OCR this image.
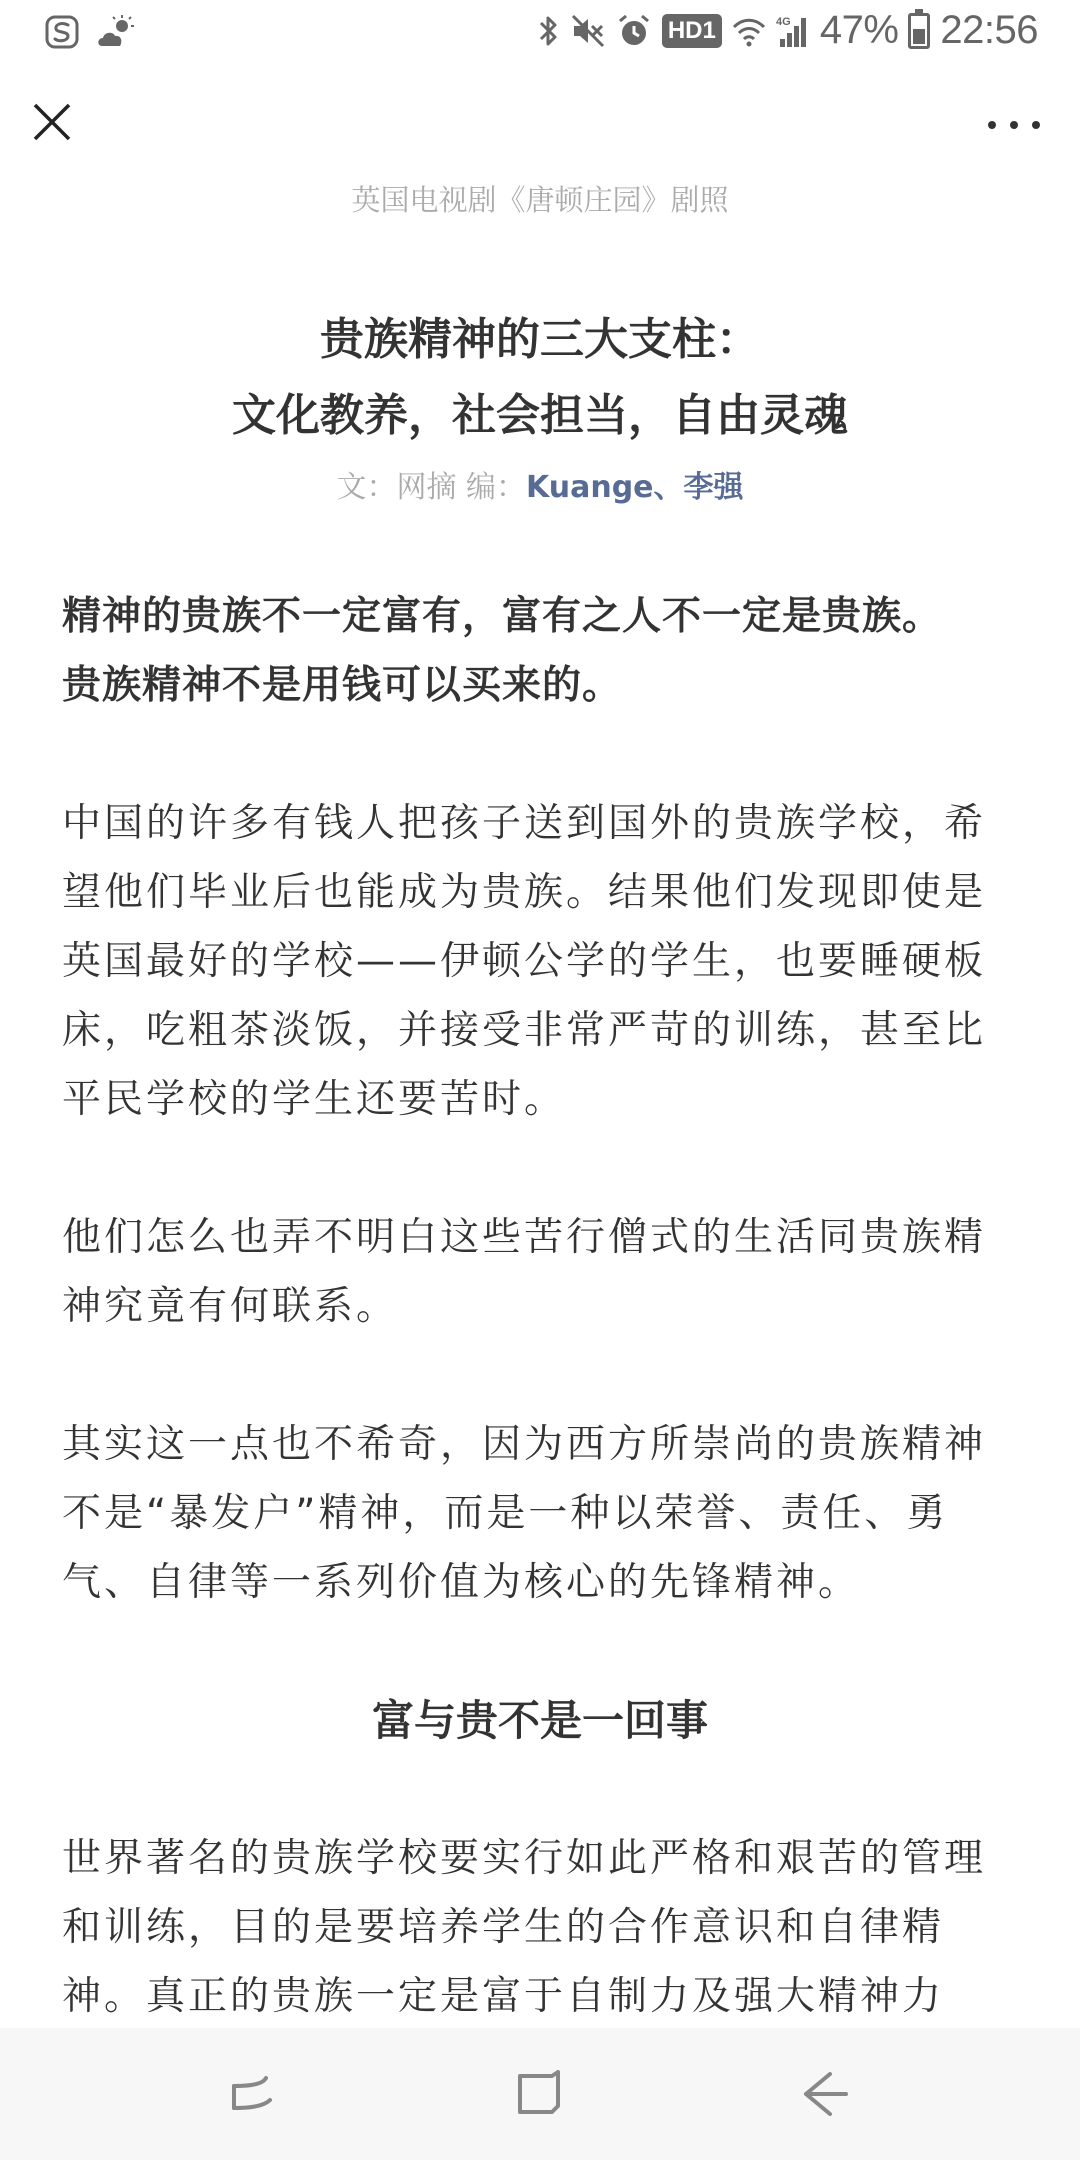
HD1	4G 47% 22:56
英国电视剧《唐顿庄园》剧照
贵族精神的三大支柱：
文化教养，社会担当，自由灵魂
文：网摘 编：Kuange、李强
精神的贵族不一定富有，富有之人不一定是贵族。
贵族精神不是用钱可以买来的。
中国的许多有钱人把孩子送到国外的贵族学校，希
望他们毕业后也能成为贵族。结果他们发现即使是
英国最好的学校——伊顿公学的学生，也要睡硬板
床，吃粗茶淡饭，并接受非常严苛的训练，甚至比
平民学校的学生还要苦时。
他们怎么也弄不明白这些苦行僧式的生活同贵族精
神究竟有何联系。
其实这一点也不希奇，因为西方所崇尚的贵族精神
不是“暴发户”精神，而是一种以荣誉、责任、勇
气、自律等一系列价值为核心的先锋精神。
富与贵不是一回事
世界著名的贵族学校要实行如此严格和艰苦的管理
和训练，目的是要培养学生的合作意识和自律精
神。真正的贵族一定是富于自制力及强大精神力
